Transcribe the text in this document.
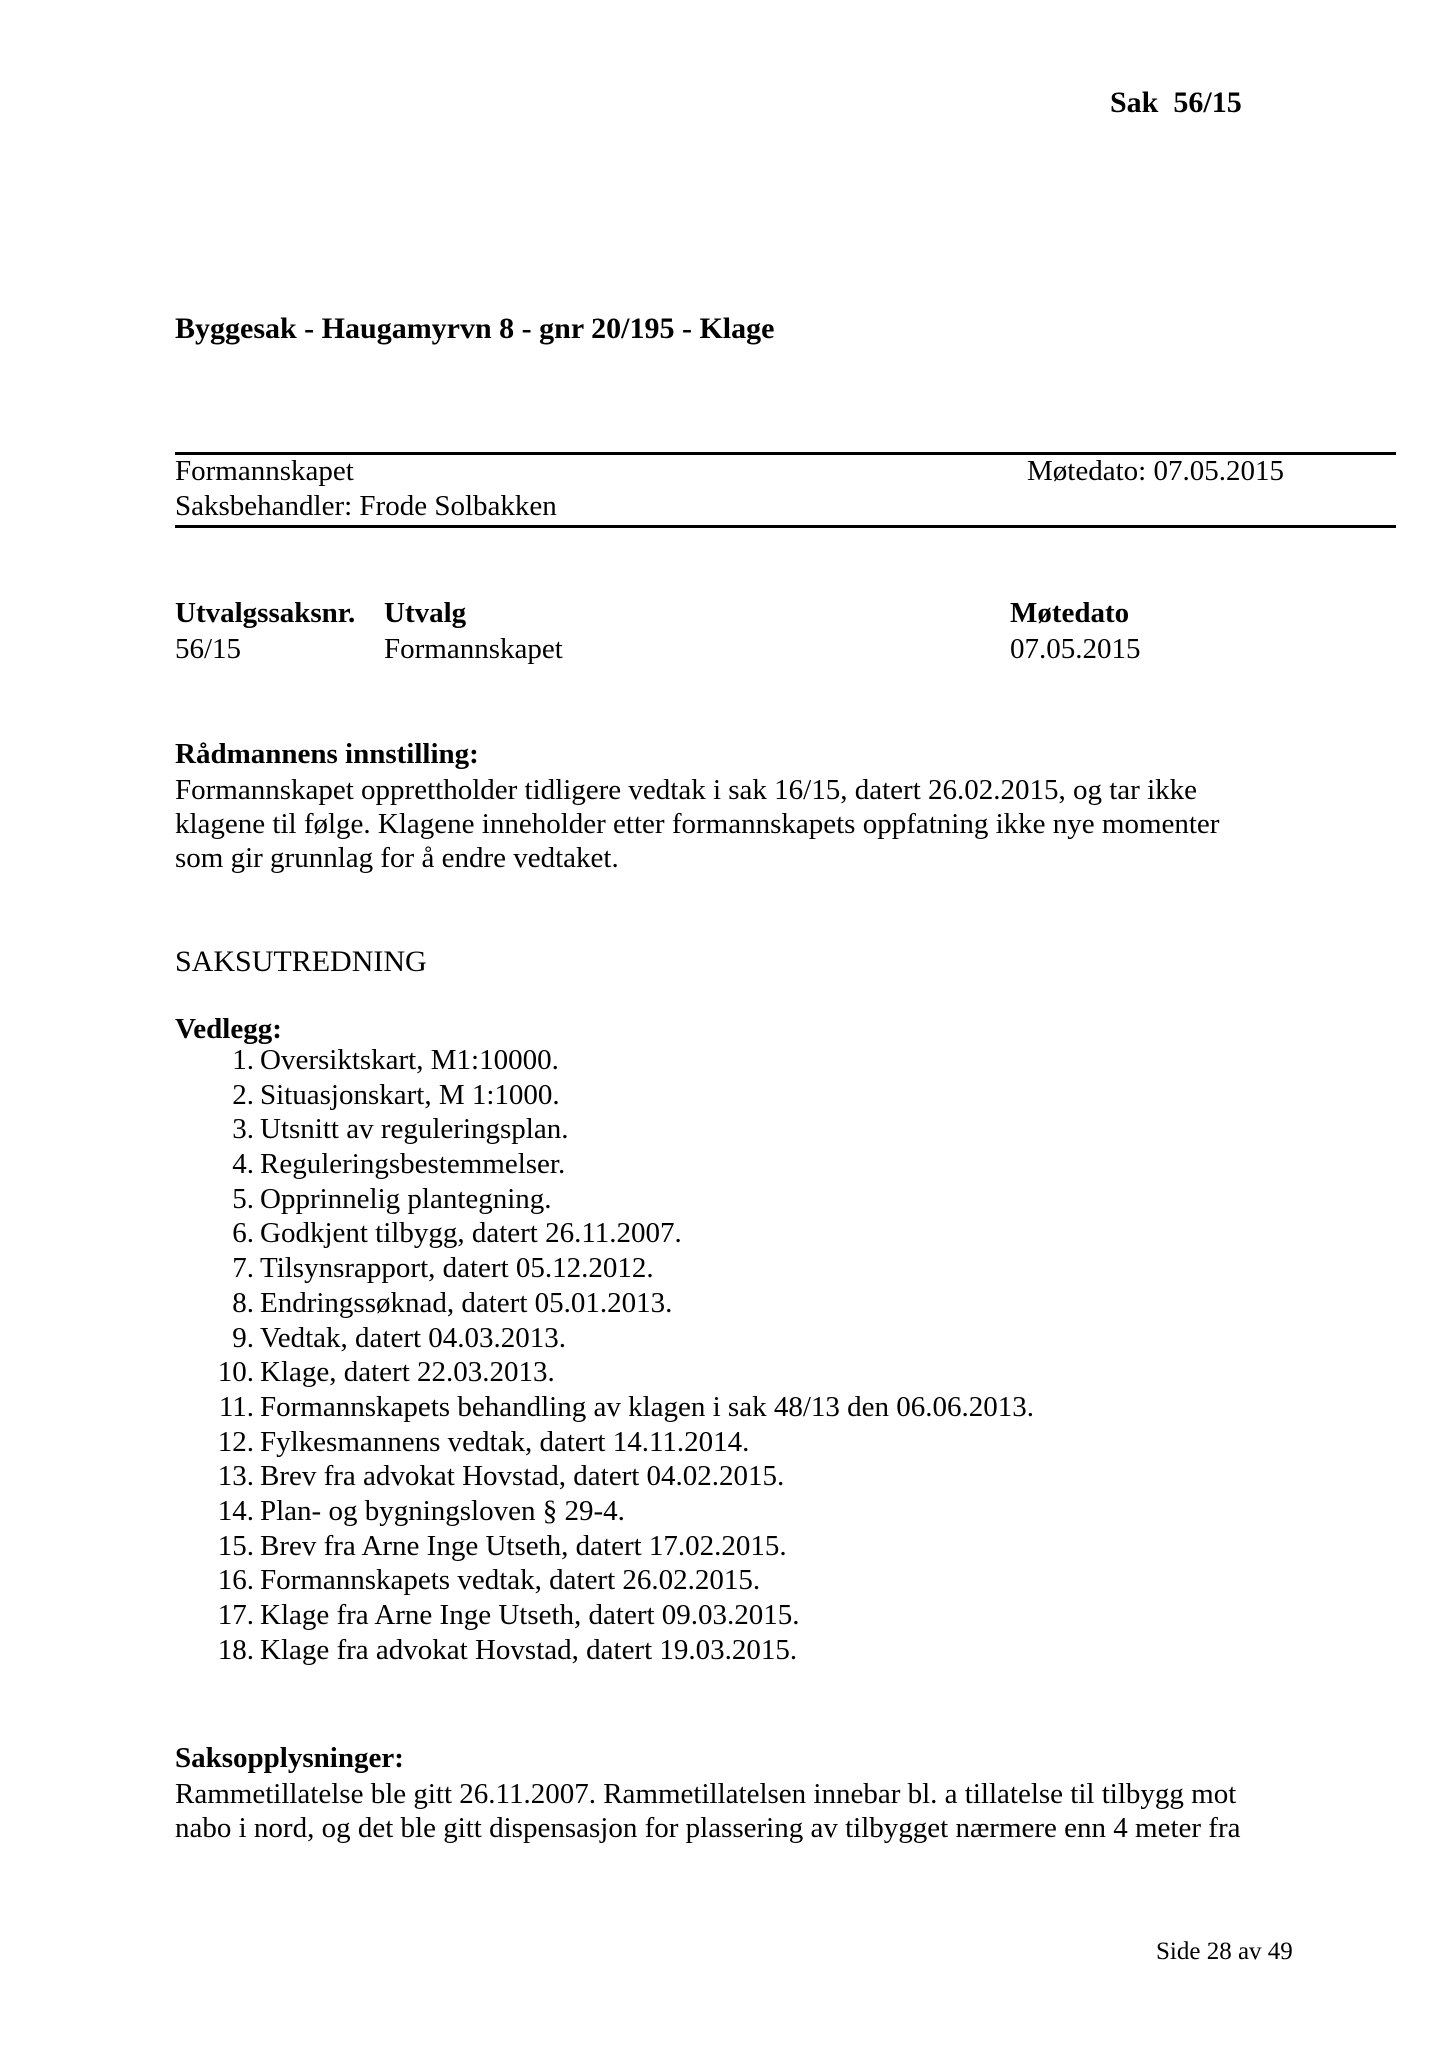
Sak  56/15
Byggesak - Haugamyrvn 8 - gnr 20/195 - Klage
Formannskapet	Møtedato: 07.05.2015
Saksbehandler: Frode Solbakken
Utvalgssaksnr. Utvalg	Møtedato
56/15	Formannskapet	07.05.2015
Rådmannens innstilling:
Formannskapet opprettholder tidligere vedtak i sak 16/15, datert 26.02.2015, og tar ikke
klagene til følge. Klagene inneholder etter formannskapets oppfatning ikke nye momenter
som gir grunnlag for å endre vedtaket.
SAKSUTREDNING
Vedlegg:
1. Oversiktskart, M1:10000.
2. Situasjonskart, M 1:1000.
3. Utsnitt av reguleringsplan.
4. Reguleringsbestemmelser.
5. Opprinnelig plantegning.
6. Godkjent tilbygg, datert 26.11.2007.
7. Tilsynsrapport, datert 05.12.2012.
8. Endringssøknad, datert 05.01.2013.
9. Vedtak, datert 04.03.2013.
10. Klage, datert 22.03.2013.
11. Formannskapets behandling av klagen i sak 48/13 den 06.06.2013.
12. Fylkesmannens vedtak, datert 14.11.2014.
13. Brev fra advokat Hovstad, datert 04.02.2015.
14. Plan- og bygningsloven § 29-4.
15. Brev fra Arne Inge Utseth, datert 17.02.2015.
16. Formannskapets vedtak, datert 26.02.2015.
17. Klage fra Arne Inge Utseth, datert 09.03.2015.
18. Klage fra advokat Hovstad, datert 19.03.2015.
Saksopplysninger:
Rammetillatelse ble gitt 26.11.2007. Rammetillatelsen innebar bl. a tillatelse til tilbygg mot
nabo i nord, og det ble gitt dispensasjon for plassering av tilbygget nærmere enn 4 meter fra
Side 28 av 49
